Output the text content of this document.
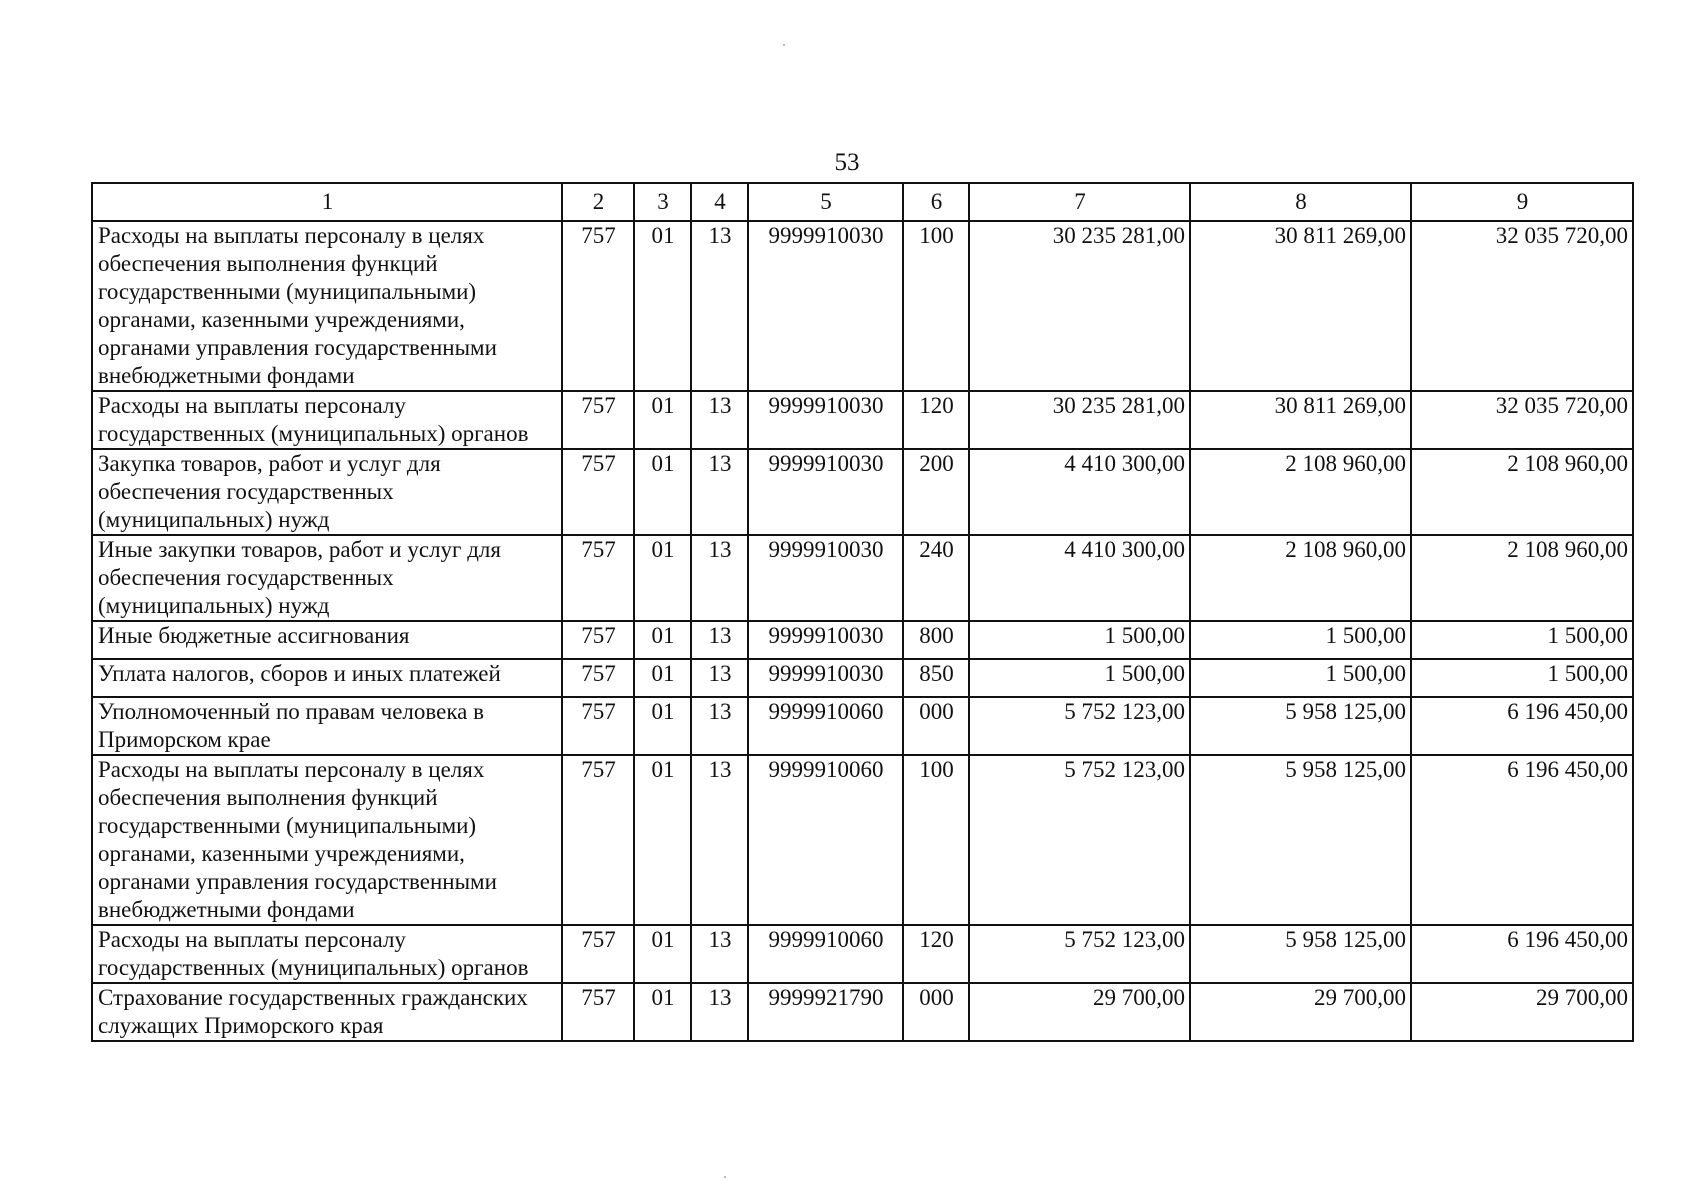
53
1	2	3	4	5	6	7	8	9
Расходы на выплаты персоналу в целях обеспечения выполнения функций государственными (муниципальными) органами, казенными учреждениями, органами управления государственными внебюджетными фондами	757	01	13	9999910030	100	30 235 281,00	30 811 269,00	32 035 720,00
Расходы на выплаты персоналу государственных (муниципальных) органов	757	01	13	9999910030	120	30 235 281,00	30 811 269,00	32 035 720,00
Закупка товаров, работ и услуг для обеспечения государственных (муниципальных) нужд	757	01	13	9999910030	200	4 410 300,00	2 108 960,00	2 108 960,00
Иные закупки товаров, работ и услуг для обеспечения государственных (муниципальных) нужд	757	01	13	9999910030	240	4 410 300,00	2 108 960,00	2 108 960,00
Иные бюджетные ассигнования	757	01	13	9999910030	800	1 500,00	1 500,00	1 500,00
Уплата налогов, сборов и иных платежей	757	01	13	9999910030	850	1 500,00	1 500,00	1 500,00
Уполномоченный по правам человека в Приморском крае	757	01	13	9999910060	000	5 752 123,00	5 958 125,00	6 196 450,00
Расходы на выплаты персоналу в целях обеспечения выполнения функций государственными (муниципальными) органами, казенными учреждениями, органами управления государственными внебюджетными фондами	757	01	13	9999910060	100	5 752 123,00	5 958 125,00	6 196 450,00
Расходы на выплаты персоналу государственных (муниципальных) органов	757	01	13	9999910060	120	5 752 123,00	5 958 125,00	6 196 450,00
Страхование государственных гражданских служащих Приморского края	757	01	13	9999921790	000	29 700,00	29 700,00	29 700,00
